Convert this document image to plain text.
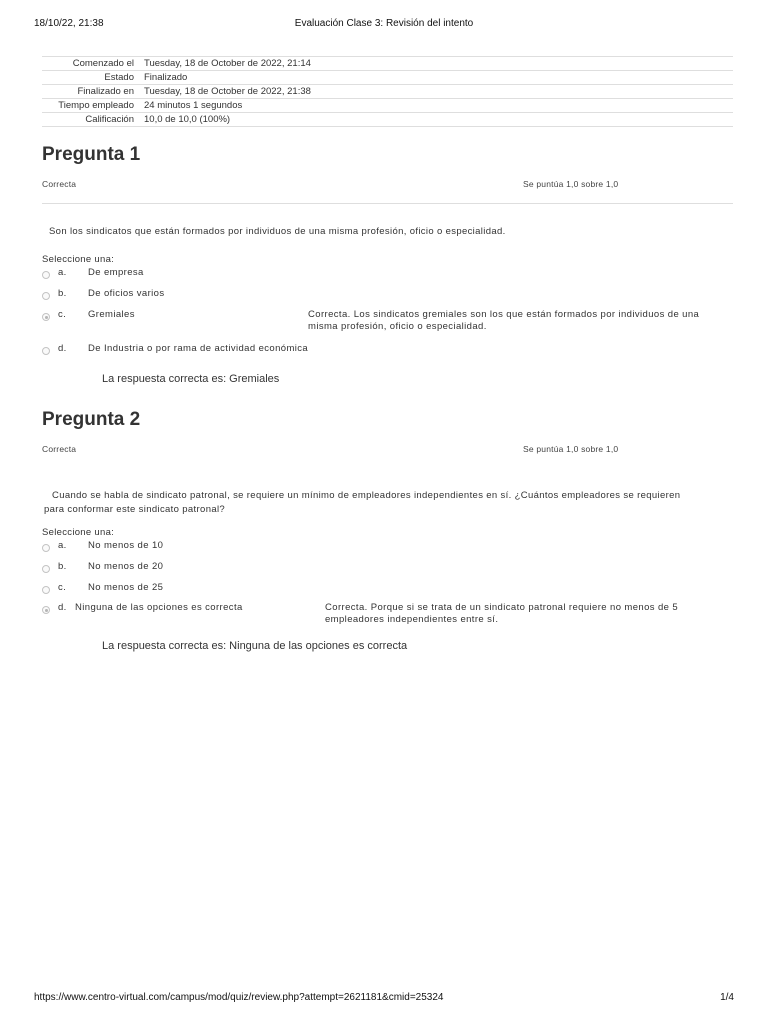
18/10/22, 21:38	Evaluación Clase 3: Revisión del intento
Comenzado el	Tuesday, 18 de October de 2022, 21:14
Estado	Finalizado
Finalizado en	Tuesday, 18 de October de 2022, 21:38
Tiempo empleado	24 minutos 1 segundos
Calificación	10,0 de 10,0 (100%)
Pregunta 1
Correcta	Se puntúa 1,0 sobre 1,0
Son los sindicatos que están formados por individuos de una misma profesión, oficio o especialidad.
Seleccione una:
a. De empresa
b. De oficios varios
c. Gremiales	Correcta. Los sindicatos gremiales son los que están formados por individuos de una misma profesión, oficio o especialidad.
d. De Industria o por rama de actividad económica
La respuesta correcta es: Gremiales
Pregunta 2
Correcta	Se puntúa 1,0 sobre 1,0
Cuando se habla de sindicato patronal, se requiere un mínimo de empleadores independientes en sí. ¿Cuántos empleadores se requieren para conformar este sindicato patronal?
Seleccione una:
a. No menos de 10
b. No menos de 20
c. No menos de 25
d. Ninguna de las opciones es correcta	Correcta. Porque si se trata de un sindicato patronal requiere no menos de 5 empleadores independientes entre sí.
La respuesta correcta es: Ninguna de las opciones es correcta
https://www.centro-virtual.com/campus/mod/quiz/review.php?attempt=2621181&cmid=25324	1/4
